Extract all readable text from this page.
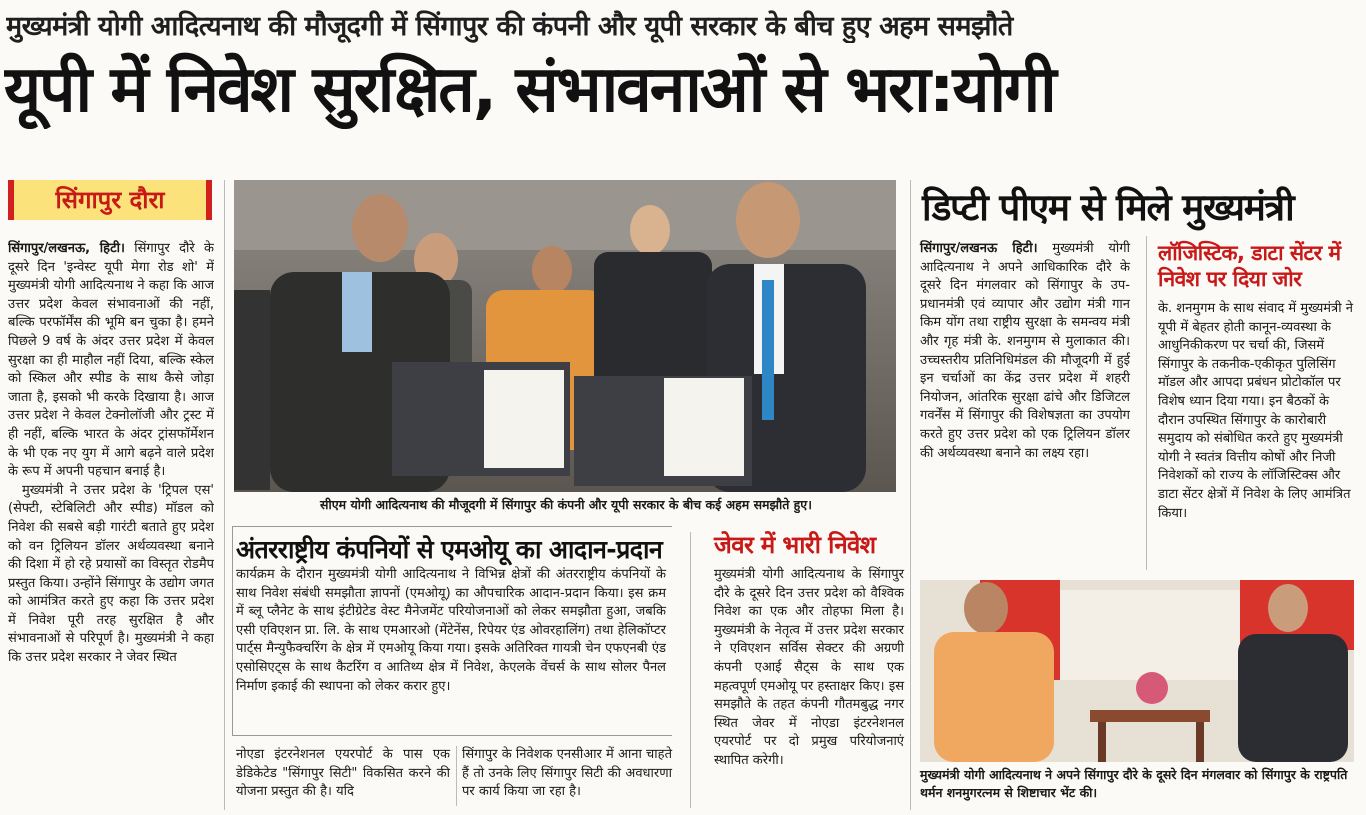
मुख्यमंत्री योगी आदित्यनाथ की मौजूदगी में सिंगापुर की कंपनी और यूपी सरकार के बीच हुए अहम समझौते
यूपी में निवेश सुरक्षित, संभावनाओं से भरा:योगी
सिंगापुर दौरा

सिंगापुर/लखनऊ, हिटी। सिंगापुर दौरे के दूसरे दिन 'इन्वेस्ट यूपी मेगा रोड शो' में मुख्यमंत्री योगी आदित्यनाथ ने कहा कि आज उत्तर प्रदेश केवल संभावनाओं की नहीं, बल्कि परफॉर्मेंस की भूमि बन चुका है। हमने पिछले 9 वर्ष के अंदर उत्तर प्रदेश में केवल सुरक्षा का ही माहौल नहीं दिया, बल्कि स्केल को स्किल और स्पीड के साथ कैसे जोड़ा जाता है, इसको भी करके दिखाया है। आज उत्तर प्रदेश ने केवल टेक्नोलॉजी और ट्रस्ट में ही नहीं, बल्कि भारत के अंदर ट्रांसफॉर्मेशन के भी एक नए युग में आगे बढ़ने वाले प्रदेश के रूप में अपनी पहचान बनाई है।

मुख्यमंत्री ने उत्तर प्रदेश के 'ट्रिपल एस' (सेफ्टी, स्टेबिलिटी और स्पीड) मॉडल को निवेश की सबसे बड़ी गारंटी बताते हुए प्रदेश को वन ट्रिलियन डॉलर अर्थव्यवस्था बनाने की दिशा में हो रहे प्रयासों का विस्तृत रोडमैप प्रस्तुत किया। उन्होंने सिंगापुर के उद्योग जगत को आमंत्रित करते हुए कहा कि उत्तर प्रदेश में निवेश पूरी तरह सुरक्षित है और संभावनाओं से परिपूर्ण है। मुख्यमंत्री ने कहा कि उत्तर प्रदेश सरकार ने जेवर स्थित

सीएम योगी आदित्यनाथ की मौजूदगी में सिंगापुर की कंपनी और यूपी सरकार के बीच कई अहम समझौते हुए।
अंतरराष्ट्रीय कंपनियों से एमओयू का आदान-प्रदान
कार्यक्रम के दौरान मुख्यमंत्री योगी आदित्यनाथ ने विभिन्न क्षेत्रों की अंतरराष्ट्रीय कंपनियों के साथ निवेश संबंधी समझौता ज्ञापनों (एमओयू) का औपचारिक आदान-प्रदान किया। इस क्रम में ब्लू प्लैनेट के साथ इंटीग्रेटेड वेस्ट मैनेजमेंट परियोजनाओं को लेकर समझौता हुआ, जबकि एसी एविएशन प्रा. लि. के साथ एमआरओ (मेंटेनेंस, रिपेयर एंड ओवरहालिंग) तथा हेलिकॉप्टर पार्ट्स मैन्युफैक्चरिंग के क्षेत्र में एमओयू किया गया। इसके अतिरिक्त गायत्री चेन एफएनबी एंड एसोसिएट्स के साथ कैटरिंग व आतिथ्य क्षेत्र में निवेश, केएलके वेंचर्स के साथ सोलर पैनल निर्माण इकाई की स्थापना को लेकर करार हुए।
नोएडा इंटरनेशनल एयरपोर्ट के पास एक डेडिकेटेड "सिंगापुर सिटी" विकसित करने की योजना प्रस्तुत की है। यदि
सिंगापुर के निवेशक एनसीआर में आना चाहते हैं तो उनके लिए सिंगापुर सिटी की अवधारणा पर कार्य किया जा रहा है।
जेवर में भारी निवेश
मुख्यमंत्री योगी आदित्यनाथ के सिंगापुर दौरे के दूसरे दिन उत्तर प्रदेश को वैश्विक निवेश का एक और तोहफा मिला है। मुख्यमंत्री के नेतृत्व में उत्तर प्रदेश सरकार ने एविएशन सर्विस सेक्टर की अग्रणी कंपनी एआई सैट्स के साथ एक महत्वपूर्ण एमओयू पर हस्ताक्षर किए। इस समझौते के तहत कंपनी गौतमबुद्ध नगर स्थित जेवर में नोएडा इंटरनेशनल एयरपोर्ट पर दो प्रमुख परियोजनाएं स्थापित करेगी।
डिप्टी पीएम से मिले मुख्यमंत्री
सिंगापुर/लखनऊ हिटी। मुख्यमंत्री योगी आदित्यनाथ ने अपने आधिकारिक दौरे के दूसरे दिन मंगलवार को सिंगापुर के उप-प्रधानमंत्री एवं व्यापार और उद्योग मंत्री गान किम योंग तथा राष्ट्रीय सुरक्षा के समन्वय मंत्री और गृह मंत्री के. शनमुगम से मुलाकात की। उच्चस्तरीय प्रतिनिधिमंडल की मौजूदगी में हुई इन चर्चाओं का केंद्र उत्तर प्रदेश में शहरी नियोजन, आंतरिक सुरक्षा ढांचे और डिजिटल गवर्नेंस में सिंगापुर की विशेषज्ञता का उपयोग करते हुए उत्तर प्रदेश को एक ट्रिलियन डॉलर की अर्थव्यवस्था बनाने का लक्ष्य रहा।
लॉजिस्टिक, डाटा सेंटर में निवेश पर दिया जोर
के. शनमुगम के साथ संवाद में मुख्यमंत्री ने यूपी में बेहतर होती कानून-व्यवस्था के आधुनिकीकरण पर चर्चा की, जिसमें सिंगापुर के तकनीक-एकीकृत पुलिसिंग मॉडल और आपदा प्रबंधन प्रोटोकॉल पर विशेष ध्यान दिया गया। इन बैठकों के दौरान उपस्थित सिंगापुर के कारोबारी समुदाय को संबोधित करते हुए मुख्यमंत्री योगी ने स्वतंत्र वित्तीय कोषों और निजी निवेशकों को राज्य के लॉजिस्टिक्स और डाटा सेंटर क्षेत्रों में निवेश के लिए आमंत्रित किया।
मुख्यमंत्री योगी आदित्यनाथ ने अपने सिंगापुर दौरे के दूसरे दिन मंगलवार को सिंगापुर के राष्ट्रपति थर्मन शनमुगरत्नम से शिष्टाचार भेंट की।
